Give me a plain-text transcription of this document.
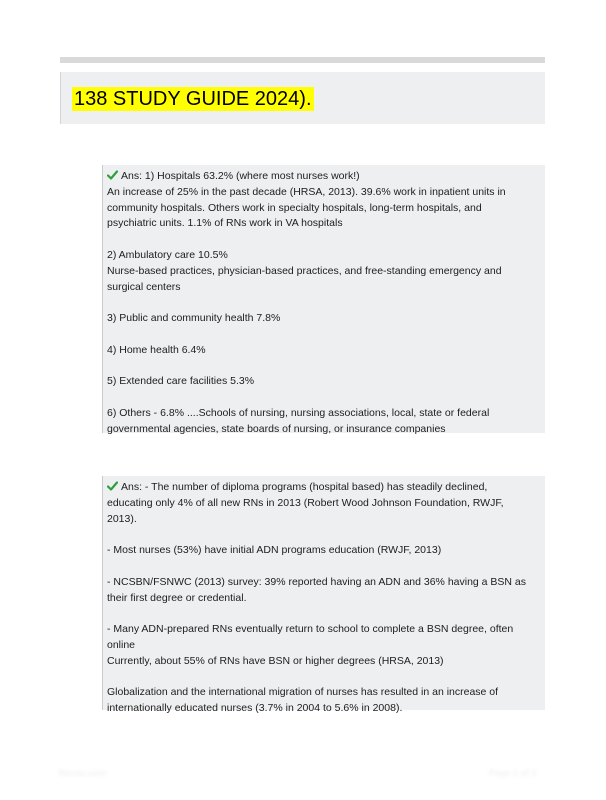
138 STUDY GUIDE 2024).

Ans: 1) Hospitals 63.2% (where most nurses work!)
An increase of 25% in the past decade (HRSA, 2013). 39.6% work in inpatient units in
community hospitals. Others work in specialty hospitals, long-term hospitals, and
psychiatric units. 1.1% of RNs work in VA hospitals

2) Ambulatory care 10.5%
Nurse-based practices, physician-based practices, and free-standing emergency and
surgical centers

3) Public and community health 7.8%

4) Home health 6.4%

5) Extended care facilities 5.3%

6) Others - 6.8% ....Schools of nursing, nursing associations, local, state or federal
governmental agencies, state boards of nursing, or insurance companies

Ans: - The number of diploma programs (hospital based) has steadily declined,
educating only 4% of all new RNs in 2013 (Robert Wood Johnson Foundation, RWJF,
2013).

- Most nurses (53%) have initial ADN programs education (RWJF, 2013)

- NCSBN/FSNWC (2013) survey: 39% reported having an ADN and 36% having a BSN as
their first degree or credential.

- Many ADN-prepared RNs eventually return to school to complete a BSN degree, often
online
Currently, about 55% of RNs have BSN or higher degrees (HRSA, 2013)

Globalization and the international migration of nurses has resulted in an increase of
internationally educated nurses (3.7% in 2004 to 5.6% in 2008).

Stuvia.com	Page 1 of 2
